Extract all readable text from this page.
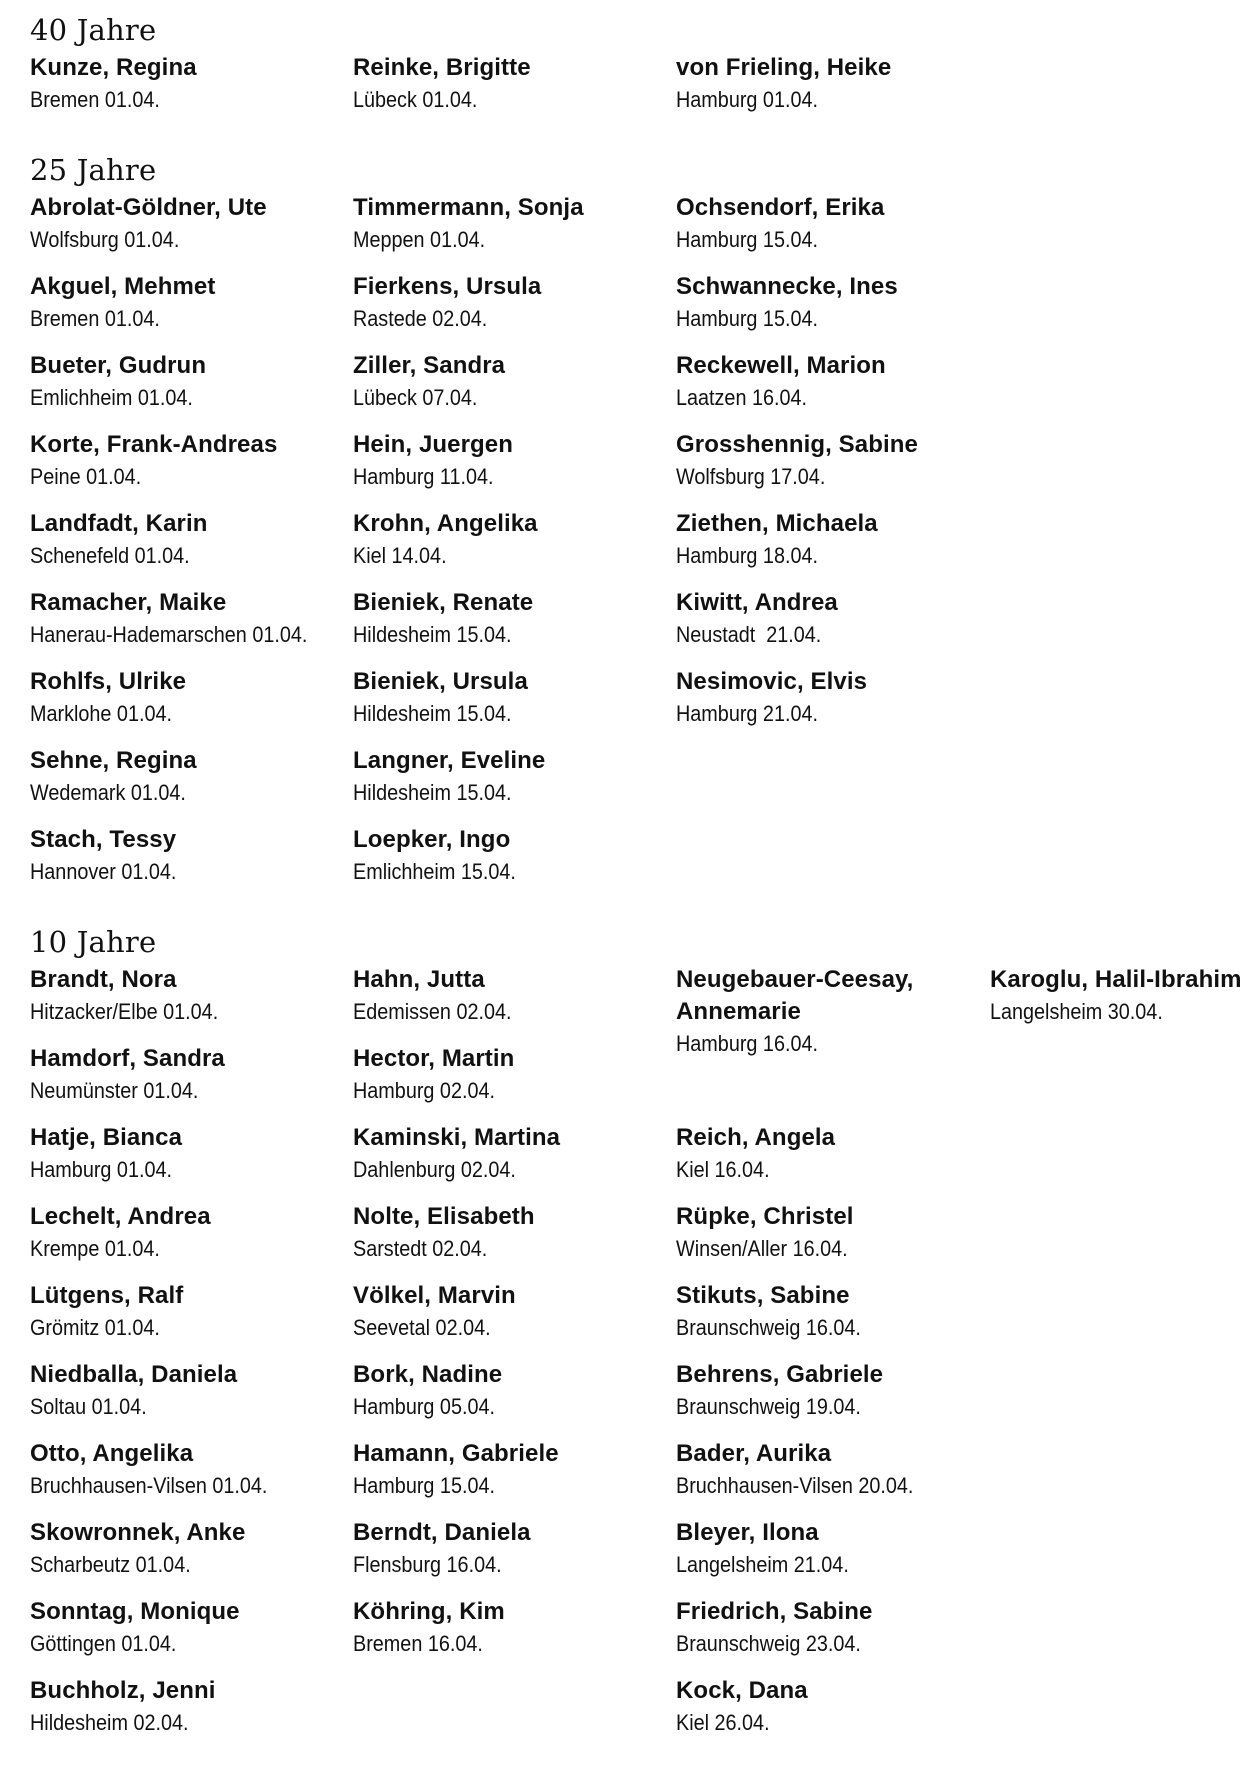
40 Jahre
Kunze, Regina
Bremen 01.04.
Reinke, Brigitte
Lübeck 01.04.
von Frieling, Heike
Hamburg 01.04.
25 Jahre
Abrolat-Göldner, Ute
Wolfsburg 01.04.
Akguel, Mehmet
Bremen 01.04.
Bueter, Gudrun
Emlichheim 01.04.
Korte, Frank-Andreas
Peine 01.04.
Landfadt, Karin
Schenefeld 01.04.
Ramacher, Maike
Hanerau-Hademarschen 01.04.
Rohlfs, Ulrike
Marklohe 01.04.
Sehne, Regina
Wedemark 01.04.
Stach, Tessy
Hannover 01.04.
Timmermann, Sonja
Meppen 01.04.
Fierkens, Ursula
Rastede 02.04.
Ziller, Sandra
Lübeck 07.04.
Hein, Juergen
Hamburg 11.04.
Krohn, Angelika
Kiel 14.04.
Bieniek, Renate
Hildesheim 15.04.
Bieniek, Ursula
Hildesheim 15.04.
Langner, Eveline
Hildesheim 15.04.
Loepker, Ingo
Emlichheim 15.04.
Ochsendorf, Erika
Hamburg 15.04.
Schwannecke, Ines
Hamburg 15.04.
Reckewell, Marion
Laatzen 16.04.
Grosshennig, Sabine
Wolfsburg 17.04.
Ziethen, Michaela
Hamburg 18.04.
Kiwitt, Andrea
Neustadt  21.04.
Nesimovic, Elvis
Hamburg 21.04.
10 Jahre
Brandt, Nora
Hitzacker/Elbe 01.04.
Hamdorf, Sandra
Neumünster 01.04.
Hatje, Bianca
Hamburg 01.04.
Lechelt, Andrea
Krempe 01.04.
Lütgens, Ralf
Grömitz 01.04.
Niedballa, Daniela
Soltau 01.04.
Otto, Angelika
Bruchhausen-Vilsen 01.04.
Skowronnek, Anke
Scharbeutz 01.04.
Sonntag, Monique
Göttingen 01.04.
Buchholz, Jenni
Hildesheim 02.04.
Hahn, Jutta
Edemissen 02.04.
Hector, Martin
Hamburg 02.04.
Kaminski, Martina
Dahlenburg 02.04.
Nolte, Elisabeth
Sarstedt 02.04.
Völkel, Marvin
Seevetal 02.04.
Bork, Nadine
Hamburg 05.04.
Hamann, Gabriele
Hamburg 15.04.
Berndt, Daniela
Flensburg 16.04.
Köhring, Kim
Bremen 16.04.
Neugebauer-Ceesay,
Annemarie
Hamburg 16.04.
Reich, Angela
Kiel 16.04.
Rüpke, Christel
Winsen/Aller 16.04.
Stikuts, Sabine
Braunschweig 16.04.
Behrens, Gabriele
Braunschweig 19.04.
Bader, Aurika
Bruchhausen-Vilsen 20.04.
Bleyer, Ilona
Langelsheim 21.04.
Friedrich, Sabine
Braunschweig 23.04.
Kock, Dana
Kiel 26.04.
Karoglu, Halil-Ibrahim
Langelsheim 30.04.
